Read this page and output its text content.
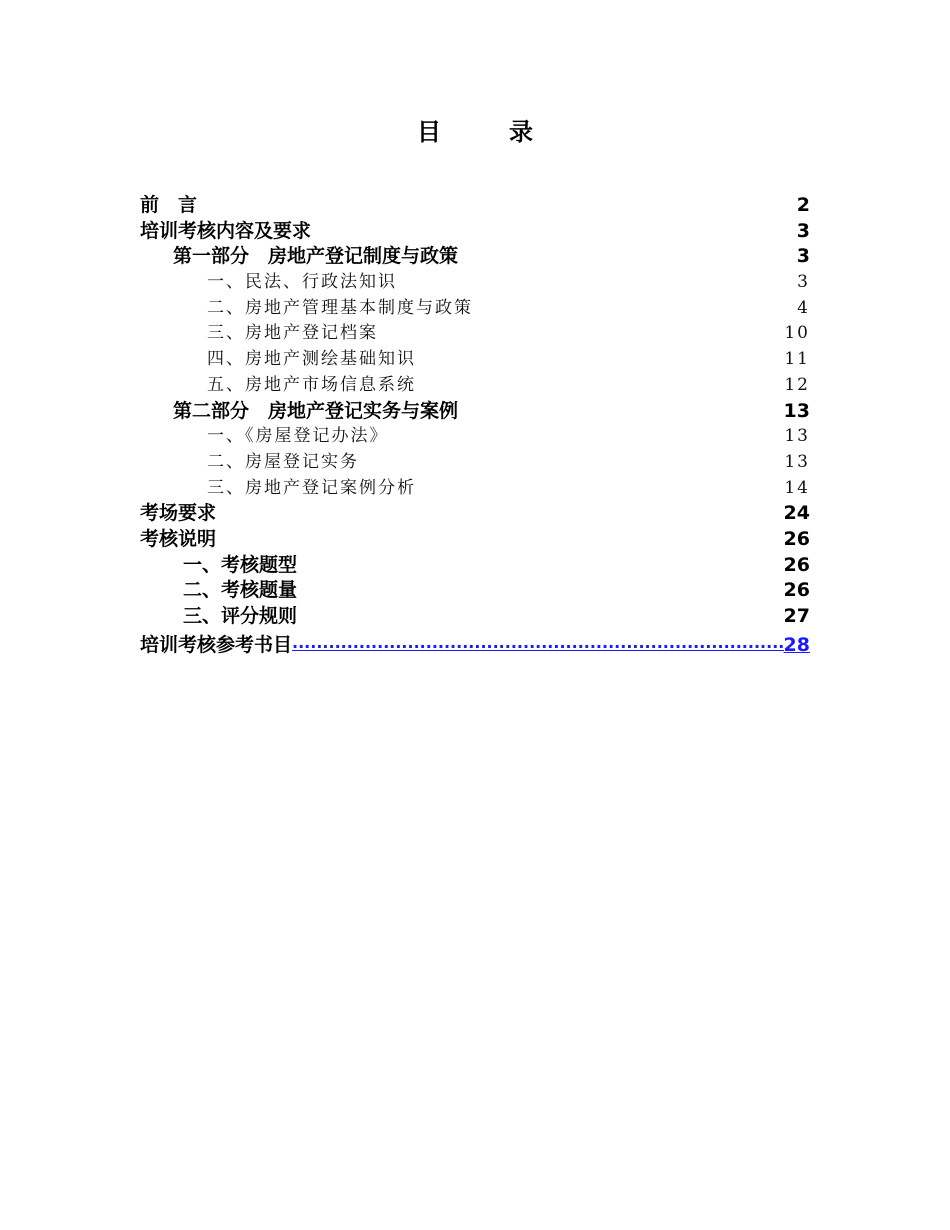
目	录
前　言	2
培训考核内容及要求	3
第一部分　房地产登记制度与政策	3
一、民法、行政法知识	3
二、房地产管理基本制度与政策	4
三、房地产登记档案	10
四、房地产测绘基础知识	11
五、房地产市场信息系统	12
第二部分　房地产登记实务与案例	13
一、《房屋登记办法》	13
二、房屋登记实务	13
三、房地产登记案例分析	14
考场要求	24
考核说明	26
一、考核题型	26
二、考核题量	26
三、评分规则	27
培训考核参考书目 .....	28
